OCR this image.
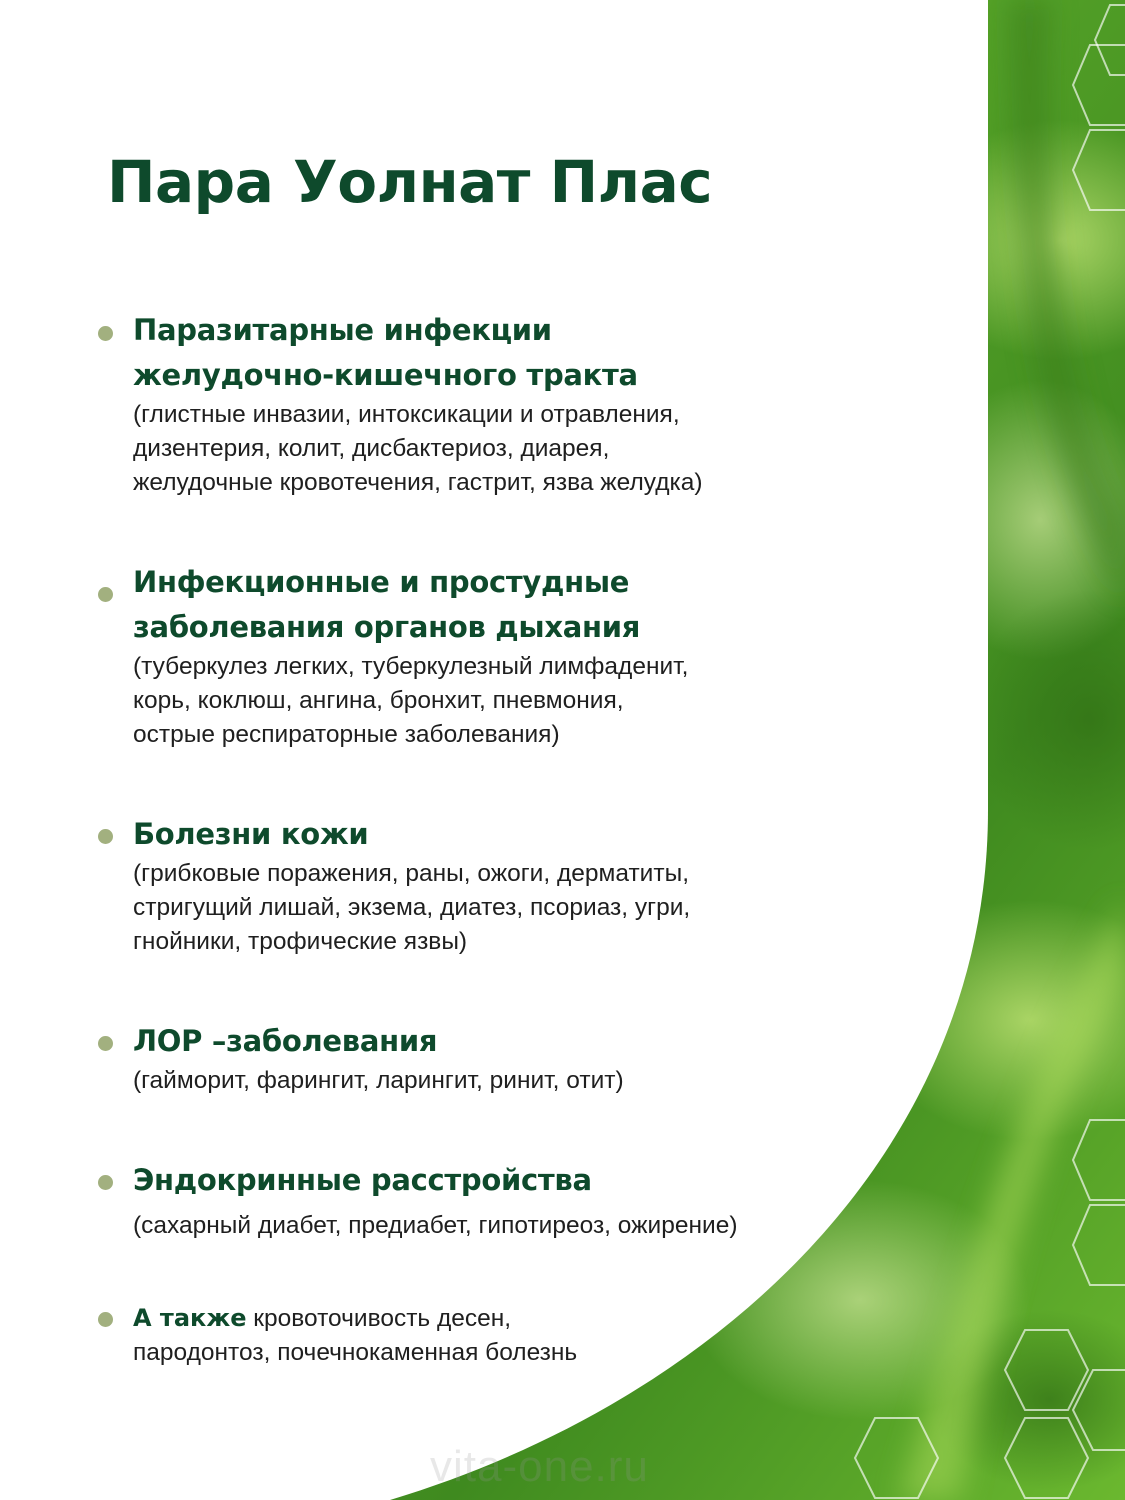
Пара Уолнат Плас
Паразитарные инфекции
желудочно-кишечного тракта
(глистные инвазии, интоксикации и отравления,
дизентерия, колит, дисбактериоз, диарея,
желудочные кровотечения, гастрит, язва желудка)
Инфекционные и простудные
заболевания органов дыхания
(туберкулез легких, туберкулезный лимфаденит,
корь, коклюш, ангина, бронхит, пневмония,
острые респираторные заболевания)
Болезни кожи
(грибковые поражения, раны, ожоги, дерматиты,
стригущий лишай, экзема, диатез, псориаз, угри,
гнойники, трофические язвы)
ЛОР –заболевания
(гайморит, фарингит, ларингит, ринит, отит)
Эндокринные расстройства
(сахарный диабет, предиабет, гипотиреоз, ожирение)
А также кровоточивость десен,
пародонтоз, почечнокаменная болезнь
vita-one.ru
